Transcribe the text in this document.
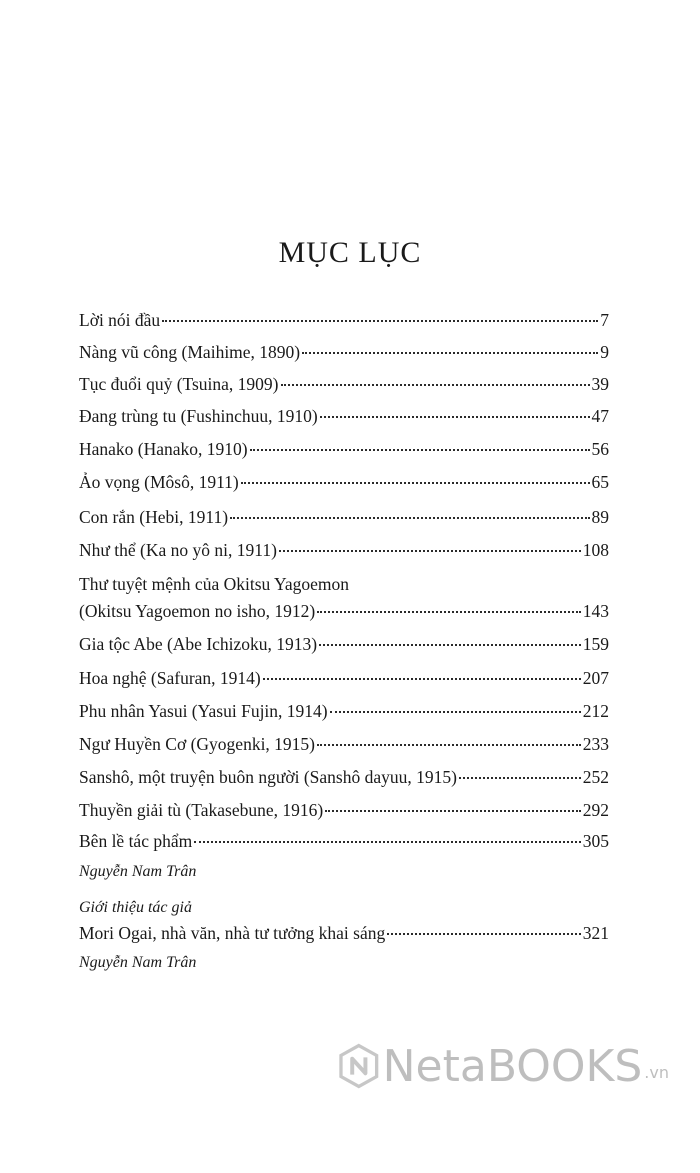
MỤC LỤC
Lời nói đầu	7
Nàng vũ công (Maihime, 1890)	9
Tục đuổi quỷ (Tsuina, 1909)	39
Đang trùng tu (Fushinchuu, 1910)	47
Hanako (Hanako, 1910)	56
Ảo vọng (Môsô, 1911)	65
Con rắn (Hebi, 1911)	89
Như thể (Ka no yô ni, 1911)	108
Thư tuyệt mệnh của Okitsu Yagoemon
(Okitsu Yagoemon no isho, 1912)	143
Gia tộc Abe (Abe Ichizoku, 1913)	159
Hoa nghệ (Safuran, 1914)	207
Phu nhân Yasui (Yasui Fujin, 1914)	212
Ngư Huyền Cơ (Gyogenki, 1915)	233
Sanshô, một truyện buôn người (Sanshô dayuu, 1915)	252
Thuyền giải tù (Takasebune, 1916)	292
Bên lề tác phẩm	305
Nguyễn Nam Trân
Giới thiệu tác giả
Mori Ogai, nhà văn, nhà tư tưởng khai sáng	321
Nguyễn Nam Trân
NetaBOOKS .vn
